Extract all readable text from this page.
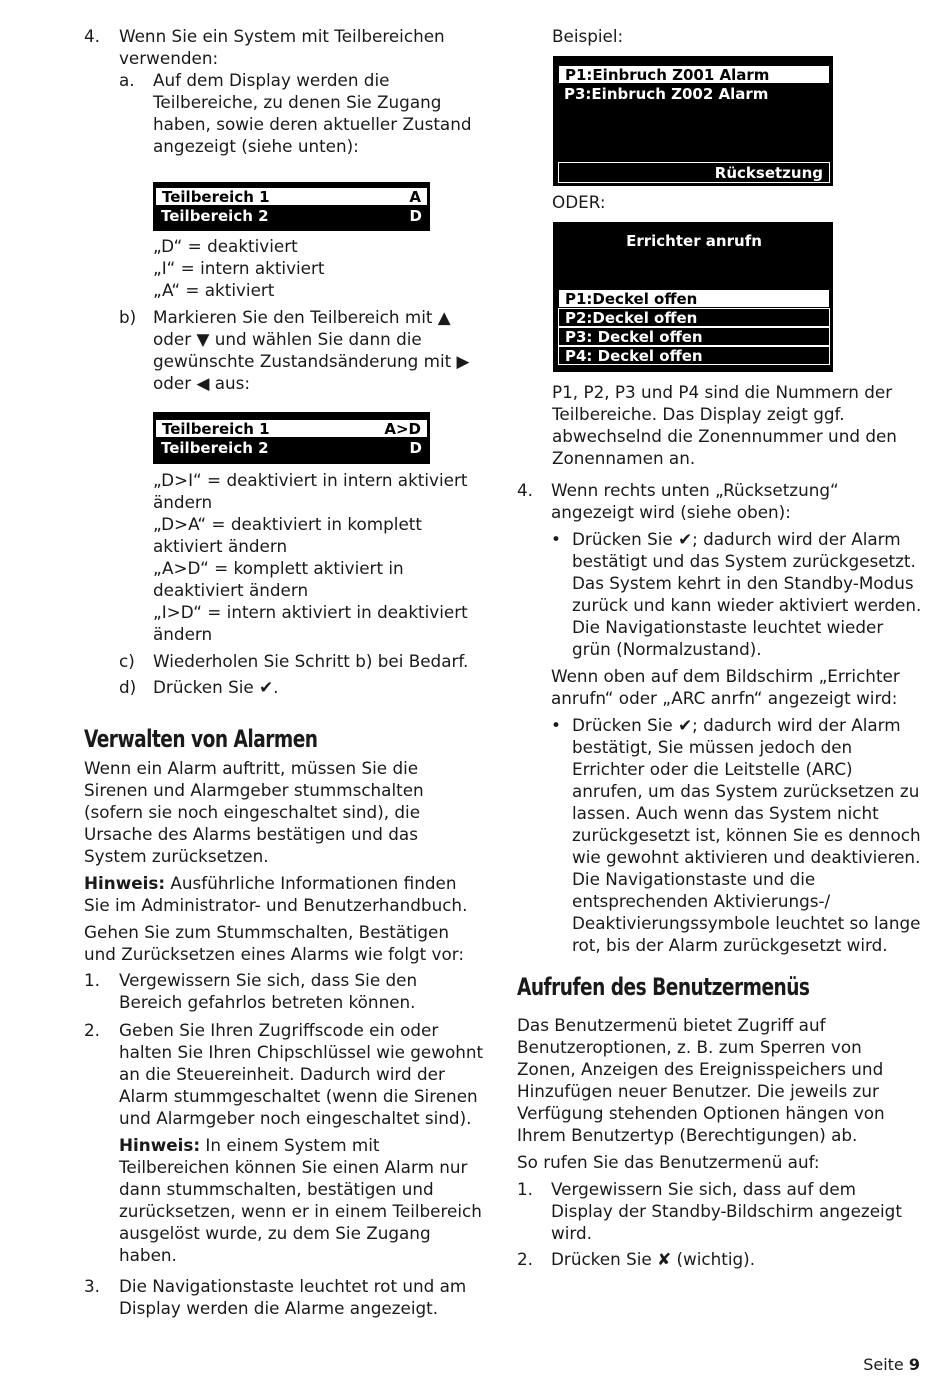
4. Wenn Sie ein System mit Teilbereichen verwenden:

a. Auf dem Display werden die Teilbereiche, zu denen Sie Zugang haben, sowie deren aktueller Zustand angezeigt (siehe unten):

Teilbereich 1	A
Teilbereich 2	D

„D“ = deaktiviert

„I“ = intern aktiviert

„A“ = aktiviert

b) Markieren Sie den Teilbereich mit ▲ oder ▼ und wählen Sie dann die gewünschte Zustandsänderung mit ▶ oder ◀ aus:

Teilbereich 1	A>D
Teilbereich 2	D

„D>I“ = deaktiviert in intern aktiviert ändern

„D>A“ = deaktiviert in komplett aktiviert ändern

„A>D“ = komplett aktiviert in deaktiviert ändern

„I>D“ = intern aktiviert in deaktiviert ändern

c) Wiederholen Sie Schritt b) bei Bedarf.

d) Drücken Sie ✔.

Verwalten von Alarmen

Wenn ein Alarm auftritt, müssen Sie die Sirenen und Alarmgeber stummschalten (sofern sie noch eingeschaltet sind), die Ursache des Alarms bestätigen und das System zurücksetzen.

Hinweis: Ausführliche Informationen finden Sie im Administrator- und Benutzerhandbuch.

Gehen Sie zum Stummschalten, Bestätigen und Zurücksetzen eines Alarms wie folgt vor:

1. Vergewissern Sie sich, dass Sie den Bereich gefahrlos betreten können.

2. Geben Sie Ihren Zugriffscode ein oder halten Sie Ihren Chipschlüssel wie gewohnt an die Steuereinheit. Dadurch wird der Alarm stummgeschaltet (wenn die Sirenen und Alarmgeber noch eingeschaltet sind).

Hinweis: In einem System mit Teilbereichen können Sie einen Alarm nur dann stummschalten, bestätigen und zurücksetzen, wenn er in einem Teilbereich ausgelöst wurde, zu dem Sie Zugang haben.

3. Die Navigationstaste leuchtet rot und am Display werden die Alarme angezeigt.

Beispiel:

P1:Einbruch Z001 Alarm
P3:Einbruch Z002 Alarm
Rücksetzung

ODER:

Errichter anrufn
P1:Deckel offen
P2:Deckel offen
P3: Deckel offen
P4: Deckel offen

P1, P2, P3 und P4 sind die Nummern der Teilbereiche. Das Display zeigt ggf. abwechselnd die Zonennummer und den Zonennamen an.

4. Wenn rechts unten „Rücksetzung“ angezeigt wird (siehe oben):

• Drücken Sie ✔; dadurch wird der Alarm bestätigt und das System zurückgesetzt. Das System kehrt in den Standby-Modus zurück und kann wieder aktiviert werden. Die Navigationstaste leuchtet wieder grün (Normalzustand).

Wenn oben auf dem Bildschirm „Errichter anrufn“ oder „ARC anrfn“ angezeigt wird:

• Drücken Sie ✔; dadurch wird der Alarm bestätigt, Sie müssen jedoch den Errichter oder die Leitstelle (ARC) anrufen, um das System zurücksetzen zu lassen. Auch wenn das System nicht zurückgesetzt ist, können Sie es dennoch wie gewohnt aktivieren und deaktivieren. Die Navigationstaste und die entsprechenden Aktivierungs-/ Deaktivierungssymbole leuchtet so lange rot, bis der Alarm zurückgesetzt wird.

Aufrufen des Benutzermenüs

Das Benutzermenü bietet Zugriff auf Benutzeroptionen, z. B. zum Sperren von Zonen, Anzeigen des Ereignisspeichers und Hinzufügen neuer Benutzer. Die jeweils zur Verfügung stehenden Optionen hängen von Ihrem Benutzertyp (Berechtigungen) ab.

So rufen Sie das Benutzermenü auf:

1. Vergewissern Sie sich, dass auf dem Display der Standby-Bildschirm angezeigt wird.

2. Drücken Sie ✘ (wichtig).

Seite 9
